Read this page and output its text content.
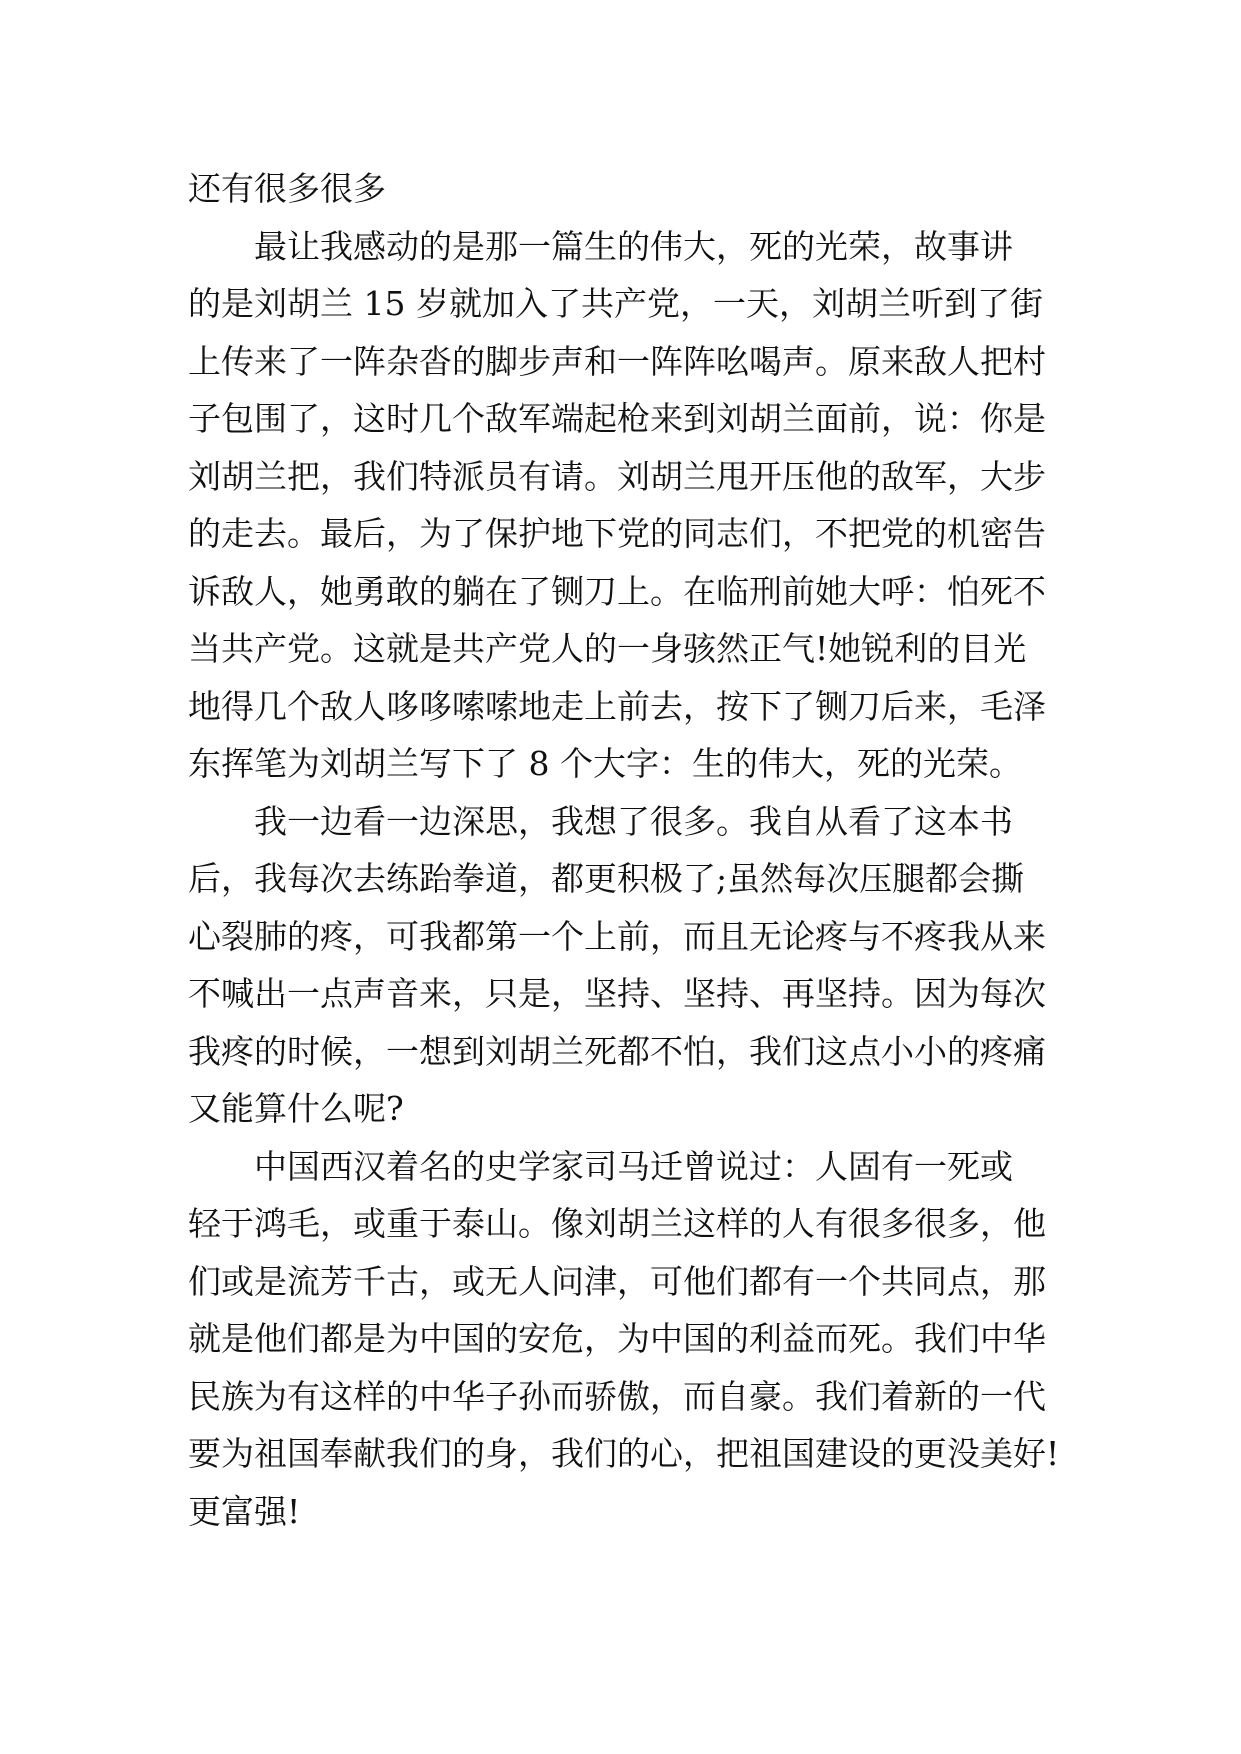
还有很多很多
最让我感动的是那一篇生的伟大，死的光荣，故事讲
的是刘胡兰 15 岁就加入了共产党，一天，刘胡兰听到了街
上传来了一阵杂沓的脚步声和一阵阵吆喝声。原来敌人把村
子包围了，这时几个敌军端起枪来到刘胡兰面前，说：你是
刘胡兰把，我们特派员有请。刘胡兰甩开压他的敌军，大步
的走去。最后，为了保护地下党的同志们，不把党的机密告
诉敌人，她勇敢的躺在了铡刀上。在临刑前她大呼：怕死不
当共产党。这就是共产党人的一身骇然正气!她锐利的目光
地得几个敌人哆哆嗦嗦地走上前去，按下了铡刀后来，毛泽
东挥笔为刘胡兰写下了 8 个大字：生的伟大，死的光荣。
我一边看一边深思，我想了很多。我自从看了这本书
后，我每次去练跆拳道，都更积极了;虽然每次压腿都会撕
心裂肺的疼，可我都第一个上前，而且无论疼与不疼我从来
不喊出一点声音来，只是，坚持、坚持、再坚持。因为每次
我疼的时候，一想到刘胡兰死都不怕，我们这点小小的疼痛
又能算什么呢?
中国西汉着名的史学家司马迁曾说过：人固有一死或
轻于鸿毛，或重于泰山。像刘胡兰这样的人有很多很多，他
们或是流芳千古，或无人问津，可他们都有一个共同点，那
就是他们都是为中国的安危，为中国的利益而死。我们中华
民族为有这样的中华子孙而骄傲，而自豪。我们着新的一代
要为祖国奉献我们的身，我们的心，把祖国建设的更没美好!
更富强!
